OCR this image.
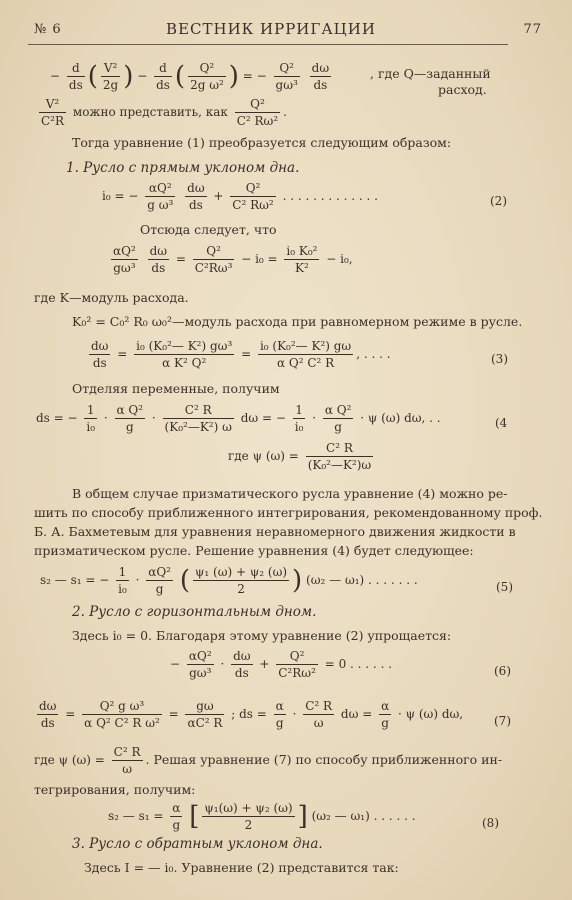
№ 6	ВЕСТНИК ИРРИГАЦИИ	77
− $\frac{d}{ds}$ ( $\frac{\text{V²}}{2g}$ ) − $\frac{d}{ds}$ ( $\frac{\text{Q²}}{\text{2g ω²}}$ ) = − $\frac{\text{Q²}}{\text{gω³}}$
$\frac{d\omega}{ds}$	, где Q—заданный
расход.
$\frac{\text{V²}}{\text{C²R}}$ можно представить, как $\frac{\text{Q²}}{\text{C² Rω²}}$ .
Тогда уравнение (1) преобразуется следующим образом:
1. Русло с прямым уклоном дна.
i₀ = − $\frac{\text{αQ²}}{\text{g ω³}}$
$\frac{d\omega}{ds} + \frac{\text{Q²}}{\text{C² Rω²}}$ . . . . . . . . . . . . .	(2)
Отсюда следует, что
$\frac{\text{αQ²}}{\text{gω³}}$
$\frac{d\omega}{ds} = \frac{\text{Q²}}{\text{C²Rω³}} - i_0 = \frac{\text{i₀ K₀²}}{\text{K²}} - i_0$,
где K—модуль расхода.
K₀² = C₀² R₀ ω₀²—модуль расхода при равномерном режиме в русле.
$\frac{d\omega}{ds} = \frac{\text{i₀ (K₀²— K²) gω³}}{\text{α K² Q²}} = \frac{\text{i₀ (K₀²— K²) gω}}{\text{α Q² C² R}}$ , . . . .	(3)
Отделяя переменные, получим
ds = − $\frac{1}{\text{i₀}} \cdot \frac{\text{α Q²}}{g} \cdot \frac{\text{C² R}}{\text{(K₀²—K²) ω}}$ dω = − $\frac{1}{\text{i₀}} \cdot \frac{\text{α Q²}}{g} \cdot \psi$ (ω) dω, . .	(4
где ψ $(\omega) = \frac{\text{C² R}}{\text{(K₀²—K²)ω}}$
В общем случае призматического русла уравнение (4) можно ре-
шить по способу приближенного интегрирования, рекомендованному проф.
Б. А. Бахметевым для уравнения неравномерного движения жидкости в
призматическом русле. Решение уравнения (4) будет следующее:
s₂ — s₁ = − $\frac{1}{\text{i₀}} \cdot \frac{\text{αQ²}}{g}$ ( $\frac{\text{ψ₁ (ω) + ψ₂ (ω)}}{2}$ ) (ω₂ — ω₁) . . . . . . .	(5)
2. Русло с горизонтальным дном.
Здесь i₀ = 0. Благодаря этому уравнение (2) упрощается:
− $\frac{\text{αQ²}}{\text{gω³}} \cdot \frac{d\omega}{ds} + \frac{\text{Q²}}{\text{C²Rω²}} = 0$ . . . . . .	(6)
$\frac{d\omega}{ds} = \frac{\text{Q² g ω³}}{\text{α Q² C² R ω²}} = \frac{g\omega}{\text{αC² R}}$ ; ds = $\frac{\alpha}{g} \cdot \frac{\text{C² R}}{\omega}$ $d\omega = \frac{\alpha}{g} \cdot \psi$ (ω) dω,	(7)
где ψ $(\omega) = \frac{\text{C² R}}{\omega}$ . Решая уравнение (7) по способу приближенного ин-
тегрирования, получим:
s₂ — $s_1 = \frac{\alpha}{g}$ [ $\frac{\text{ψ₁(ω) + ψ₂ (ω)}}{2}$ ] (ω₂ — ω₁) . . . . . .	(8)
3. Русло с обратным уклоном дна.
Здесь I = — i₀. Уравнение (2) представится так:
